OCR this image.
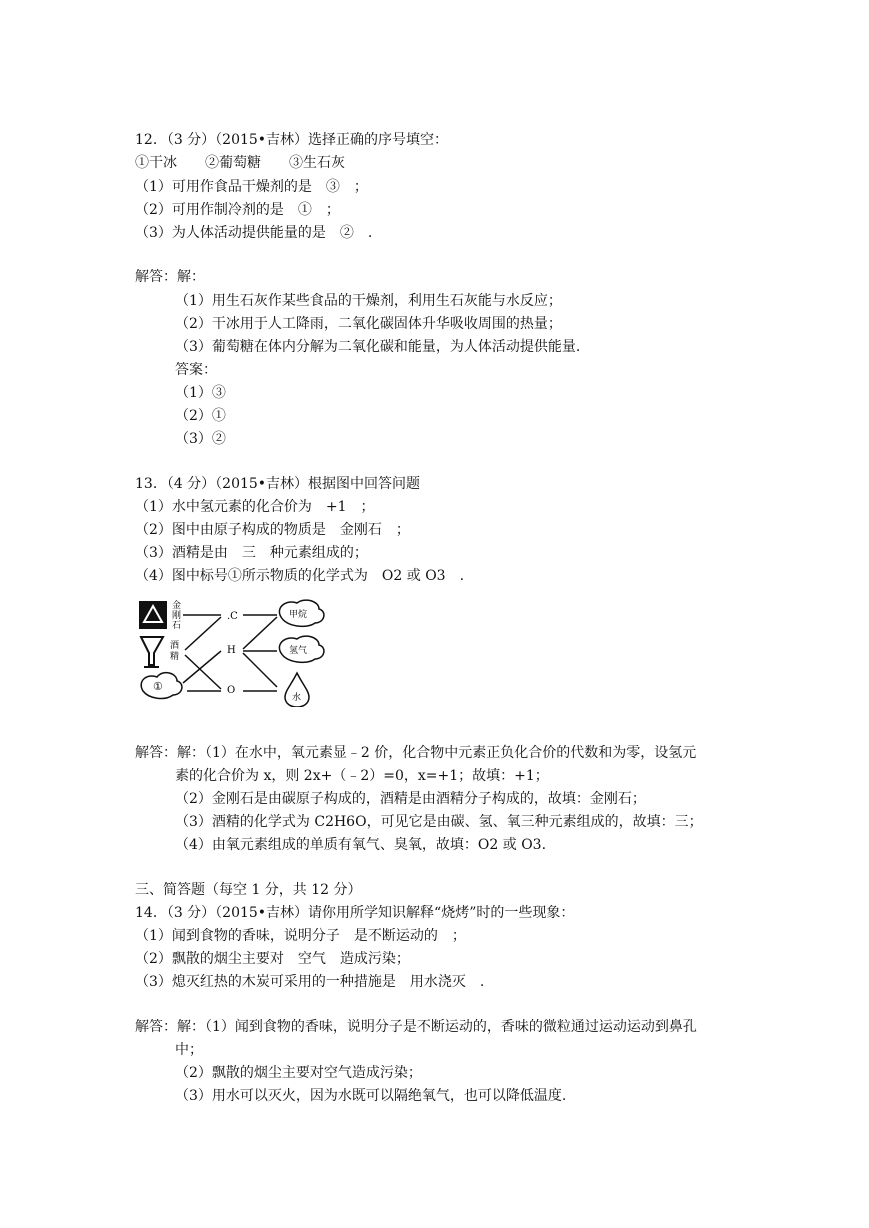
12．（3 分）（2015•吉林）选择正确的序号填空：
①干冰　　②葡萄糖　　③生石灰
（1）可用作食品干燥剂的是　③　；
（2）可用作制冷剂的是　①　；
（3）为人体活动提供能量的是　②　.
解答：解：
（1）用生石灰作某些食品的干燥剂，利用生石灰能与水反应；
（2）干冰用于人工降雨，二氧化碳固体升华吸收周围的热量；
（3）葡萄糖在体内分解为二氧化碳和能量，为人体活动提供能量.
答案：
（1）③
（2）①
（3）②
13．（4 分）（2015•吉林）根据图中回答问题
（1）水中氢元素的化合价为　+1　；
（2）图中由原子构成的物质是　金刚石　；
（3）酒精是由　三　种元素组成的；
（4）图中标号①所示物质的化学式为　O2 或 O3　.
金
刚
石
酒
精
①
.C
H
O
甲烷
氢气
水
解答：解：（1）在水中，氧元素显﹣2 价，化合物中元素正负化合价的代数和为零，设氢元
素的化合价为 x，则 2x+（﹣2）=0，x=+1；故填：+1；
（2）金刚石是由碳原子构成的，酒精是由酒精分子构成的，故填：金刚石；
（3）酒精的化学式为 C2H6O，可见它是由碳、氢、氧三种元素组成的，故填：三；
（4）由氧元素组成的单质有氧气、臭氧，故填：O2 或 O3.
三、简答题（每空 1 分，共 12 分）
14．（3 分）（2015•吉林）请你用所学知识解释“烧烤”时的一些现象：
（1）闻到食物的香味，说明分子　是不断运动的　；
（2）飘散的烟尘主要对　空气　造成污染；
（3）熄灭红热的木炭可采用的一种措施是　用水浇灭　.
解答：解：（1）闻到食物的香味，说明分子是不断运动的，香味的微粒通过运动运动到鼻孔
中；
（2）飘散的烟尘主要对空气造成污染；
（3）用水可以灭火，因为水既可以隔绝氧气，也可以降低温度.
